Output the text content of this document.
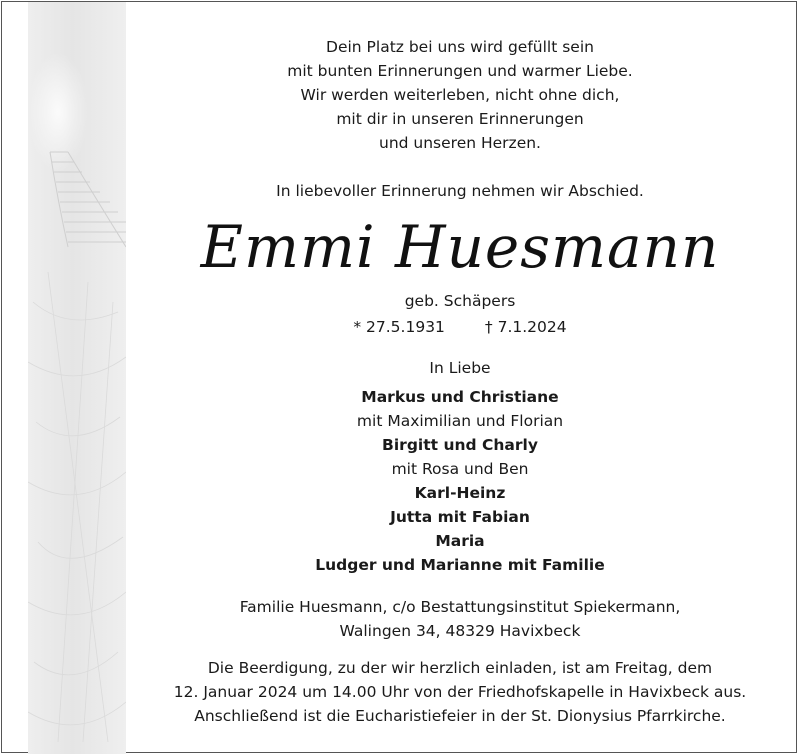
Dein Platz bei uns wird gefüllt sein
mit bunten Erinnerungen und warmer Liebe.
Wir werden weiterleben, nicht ohne dich,
mit dir in unseren Erinnerungen
und unseren Herzen.
In liebevoller Erinnerung nehmen wir Abschied.
Emmi Huesmann
geb. Schäpers
* 27.5.1931	† 7.1.2024
In Liebe
Markus und Christiane
mit Maximilian und Florian
Birgitt und Charly
mit Rosa und Ben
Karl-Heinz
Jutta mit Fabian
Maria
Ludger und Marianne mit Familie
Familie Huesmann, c/o Bestattungsinstitut Spiekermann,
Walingen 34, 48329 Havixbeck
Die Beerdigung, zu der wir herzlich einladen, ist am Freitag, dem
12. Januar 2024 um 14.00 Uhr von der Friedhofskapelle in Havixbeck aus.
Anschließend ist die Eucharistiefeier in der St. Dionysius Pfarrkirche.
